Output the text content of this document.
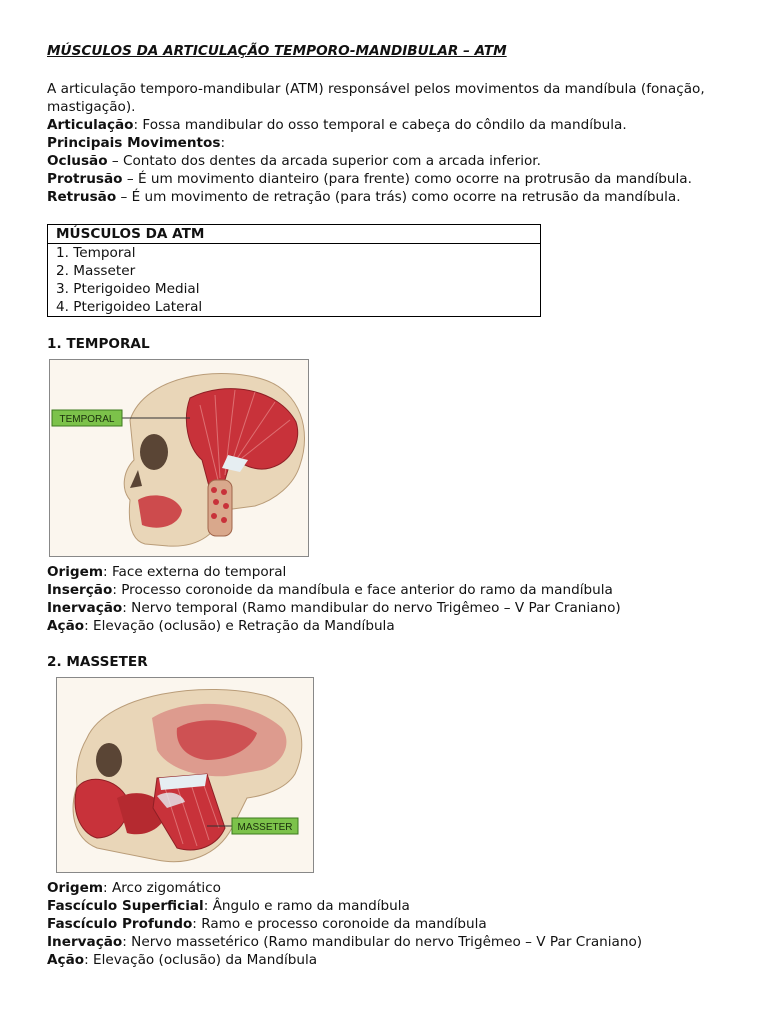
MÚSCULOS DA ARTICULAÇÃO TEMPORO-MANDIBULAR – ATM

A articulação temporo-mandibular (ATM) responsável pelos movimentos da mandíbula (fonação, mastigação).

Articulação: Fossa mandibular do osso temporal e cabeça do côndilo da mandíbula.

Principais Movimentos:

Oclusão – Contato dos dentes da arcada superior com a arcada inferior.

Protrusão – É um movimento dianteiro (para frente) como ocorre na protrusão da mandíbula.

Retrusão – É um movimento de retração (para trás) como ocorre na retrusão da mandíbula.

MÚSCULOS DA ATM
1. Temporal
2. Masseter
3. Pterigoideo Medial
4. Pterigoideo Lateral
1. TEMPORAL
TEMPORAL

Origem: Face externa do temporal

Inserção: Processo coronoide da mandíbula e face anterior do ramo da mandíbula

Inervação: Nervo temporal (Ramo mandibular do nervo Trigêmeo – V Par Craniano)

Ação: Elevação (oclusão) e Retração da Mandíbula

2. MASSETER
MASSETER

Origem: Arco zigomático

Fascículo Superficial: Ângulo e ramo da mandíbula

Fascículo Profundo: Ramo e processo coronoide da mandíbula

Inervação: Nervo massetérico (Ramo mandibular do nervo Trigêmeo – V Par Craniano)

Ação: Elevação (oclusão) da Mandíbula
